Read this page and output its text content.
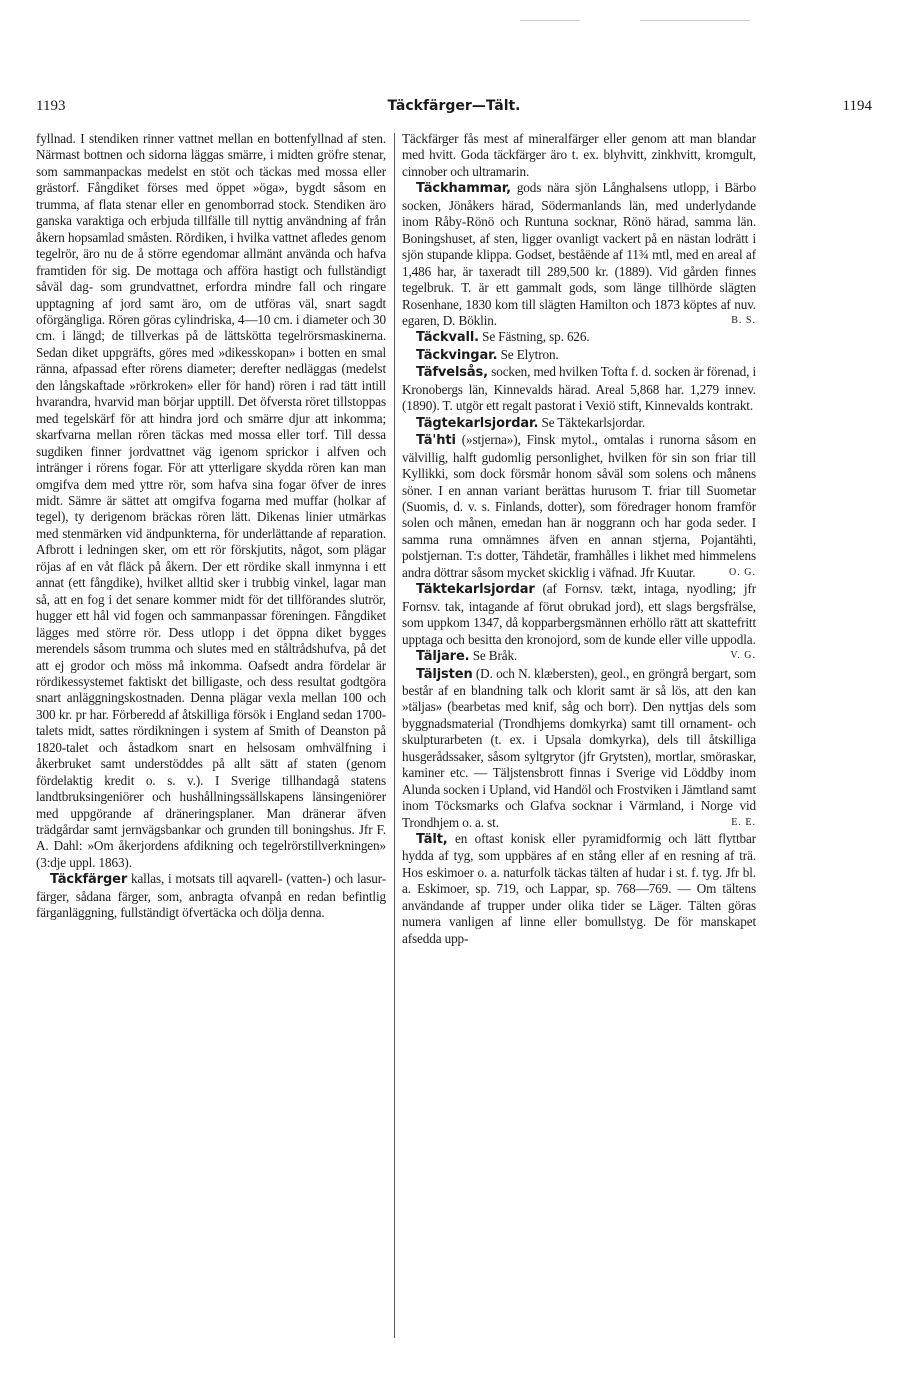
1193	Täckfärger—Tält.	1194

fyllnad. I stendiken rinner vattnet mellan en bottenfyllnad af sten. Närmast bottnen och sidorna läggas smärre, i midten gröfre stenar, som sammanpackas medelst en stöt och täckas med mossa eller grästorf. Fångdiket förses med öppet »öga», bygdt såsom en trumma, af flata stenar eller en genomborrad stock. Stendiken äro ganska varaktiga och erbjuda tillfälle till nyttig användning af från åkern hopsamlad småsten. Rördiken, i hvilka vattnet afledes genom tegelrör, äro nu de å större egendomar allmänt använda och hafva framtiden för sig. De mottaga och afföra hastigt och fullständigt såväl dag- som grundvattnet, erfordra mindre fall och ringare upptagning af jord samt äro, om de utföras väl, snart sagdt oförgängliga. Rören göras cylindriska, 4—10 cm. i diameter och 30 cm. i längd; de tillverkas på de lättskötta tegelrörsmaskinerna. Sedan diket uppgräfts, göres med »dikesskopan» i botten en smal ränna, afpassad efter rörens diameter; derefter nedläggas (medelst den långskaftade »rörkroken» eller för hand) rören i rad tätt intill hvarandra, hvarvid man börjar upptill. Det öfversta röret tillstoppas med tegelskärf för att hindra jord och smärre djur att inkomma; skarfvarna mellan rören täckas med mossa eller torf. Till dessa sugdiken finner jordvattnet väg igenom sprickor i alfven och intränger i rörens fogar. För att ytterligare skydda rören kan man omgifva dem med yttre rör, som hafva sina fogar öfver de inres midt. Sämre är sättet att omgifva fogarna med muffar (holkar af tegel), ty derigenom bräckas rören lätt. Dikenas linier utmärkas med stenmärken vid ändpunkterna, för underlättande af reparation. Afbrott i ledningen sker, om ett rör förskjutits, något, som plägar röjas af en våt fläck på åkern. Der ett rördike skall inmynna i ett annat (ett fångdike), hvilket alltid sker i trubbig vinkel, lagar man så, att en fog i det senare kommer midt för det tillförandes slutrör, hugger ett hål vid fogen och sammanpassar föreningen. Fångdiket lägges med större rör. Dess utlopp i det öppna diket bygges merendels såsom trumma och slutes med en ståltrådshufva, på det att ej grodor och möss må inkomma. Oafsedt andra fördelar är rördikessystemet faktiskt det billigaste, och dess resultat godtgöra snart anläggningskostnaden. Denna plägar vexla mellan 100 och 300 kr. pr har. Förberedd af åtskilliga försök i England sedan 1700-talets midt, sattes rördikningen i system af Smith of Deanston på 1820-talet och åstadkom snart en helsosam omhvälfning i åkerbruket samt understöddes på allt sätt af staten (genom fördelaktig kredit o. s. v.). I Sverige tillhandagå statens landtbruksingeniörer och hushållningssällskapens länsingeniörer med uppgörande af dräneringsplaner. Man dränerar äfven trädgårdar samt jernvägsbankar och grunden till boningshus. Jfr F. A. Dahl: »Om åkerjordens afdikning och tegelrörstillverkningen» (3:dje uppl. 1863).

Täckfärger kallas, i motsats till aqvarell- (vatten-) och lasur-färger, sådana färger, som, anbragta ofvanpå en redan befintlig färganläggning, fullständigt öfvertäcka och dölja denna.

Täckfärger fås mest af mineralfärger eller genom att man blandar med hvitt. Goda täckfärger äro t. ex. blyhvitt, zinkhvitt, kromgult, cinnober och ultramarin.

Täckhammar, gods nära sjön Långhalsens utlopp, i Bärbo socken, Jönåkers härad, Södermanlands län, med underlydande inom Råby-Rönö och Runtuna socknar, Rönö härad, samma län. Boningshuset, af sten, ligger ovanligt vackert på en nästan lodrätt i sjön stupande klippa. Godset, beståënde af 11¾ mtl, med en areal af 1,486 har, är taxeradt till 289,500 kr. (1889). Vid gården finnes tegelbruk. T. är ett gammalt gods, som länge tillhörde slägten Rosenhane, 1830 kom till slägten Hamilton och 1873 köptes af nuv. egaren, D. Böklin.	B. S.

Täckvall. Se Fästning, sp. 626.

Täckvingar. Se Elytron.

Täfvelsås, socken, med hvilken Tofta f. d. socken är förenad, i Kronobergs län, Kinnevalds härad. Areal 5,868 har. 1,279 innev. (1890). T. utgör ett regalt pastorat i Vexiö stift, Kinnevalds kontrakt.

Tägtekarlsjordar. Se Täktekarlsjordar.

Tä'hti (»stjerna»), Finsk mytol., omtalas i runorna såsom en välvillig, halft gudomlig personlighet, hvilken för sin son friar till Kyllikki, som dock försmår honom såväl som solens och månens söner. I en annan variant berättas hurusom T. friar till Suometar (Suomis, d. v. s. Finlands, dotter), som föredrager honom framför solen och månen, emedan han är noggrann och har goda seder. I samma runa omnämnes äfven en annan stjerna, Pojantähti, polstjernan. T:s dotter, Tähdetär, framhålles i likhet med himmelens andra döttrar såsom mycket skicklig i väfnad. Jfr Kuutar.	O. G.

Täktekarlsjordar (af Fornsv. tækt, intaga, nyodling; jfr Fornsv. tak, intagande af förut obrukad jord), ett slags bergsfrälse, som uppkom 1347, då kopparbergsmännen erhöllo rätt att skattefritt upptaga och besitta den kronojord, som de kunde eller ville uppodla.
V. G.

Täljare. Se Bråk.

Täljsten (D. och N. klæbersten), geol., en gröngrå bergart, som består af en blandning talk och klorit samt är så lös, att den kan »täljas» (bearbetas med knif, såg och borr). Den nyttjas dels som byggnadsmaterial (Trondhjems domkyrka) samt till ornament- och skulpturarbeten (t. ex. i Upsala domkyrka), dels till åtskilliga husgerådssaker, såsom syltgrytor (jfr Grytsten), mortlar, smöraskar, kaminer etc. — Täljstensbrott finnas i Sverige vid Löddby inom Alunda socken i Upland, vid Handöl och Frostviken i Jämtland samt inom Töcksmarks och Glafva socknar i Värmland, i Norge vid Trondhjem o. a. st.	E. E.

Tält, en oftast konisk eller pyramidformig och lätt flyttbar hydda af tyg, som uppbäres af en stång eller af en resning af trä. Hos eskimoer o. a. naturfolk täckas tälten af hudar i st. f. tyg. Jfr bl. a. Eskimoer, sp. 719, och Lappar, sp. 768—769. — Om tältens användande af trupper under olika tider se Läger. Tälten göras numera vanligen af linne eller bomullstyg. De för manskapet afsedda upp-
